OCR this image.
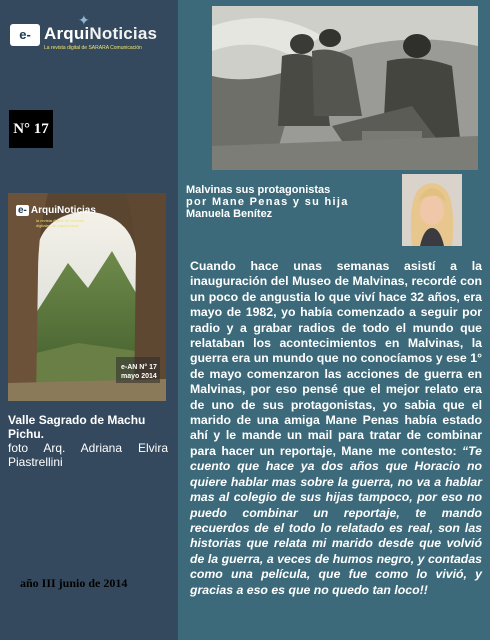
e-
✦
ArquiNoticias
La revista digital de SARARA Comunicación
N° 17
e- ArquiNoticias
la revista digital de noticias digitales de arquitectura
e-AN N° 17
mayo 2014
Valle Sagrado de Machu Pichu.
foto Arq. Adriana Elvira Piastrellini
año III junio de 2014
Malvinas sus protagonistas
por Mane Penas y su hija
Manuela Benítez
Cuando hace unas semanas asistí a la inauguración del Museo de Malvinas, recordé con un poco de angustia lo que viví hace 32 años, era mayo de 1982, yo había comenzado a seguir por radio y a grabar radios de todo el mundo que relataban los acontecimientos en Malvinas, la guerra era un mundo que no conocíamos y ese 1° de mayo comenzaron las acciones de guerra en Malvinas, por eso pensé que el mejor relato era de uno de sus protagonistas, yo sabia que el marido de una amiga Mane Penas había estado ahí y le mande un mail para tratar de combinar para hacer un reportaje, Mane me contesto: “Te cuento que hace ya dos años que Horacio no quiere hablar mas sobre la guerra, no va a hablar mas al colegio de sus hijas tampoco, por eso no puedo combinar un reportaje, te mando recuerdos de el todo lo relatado es real, son las historias que relata mi marido desde que volvió de la guerra, a veces de humos negro, y contadas como una película, que fue como lo vivió, y gracias a eso es que no quedo tan loco!!
